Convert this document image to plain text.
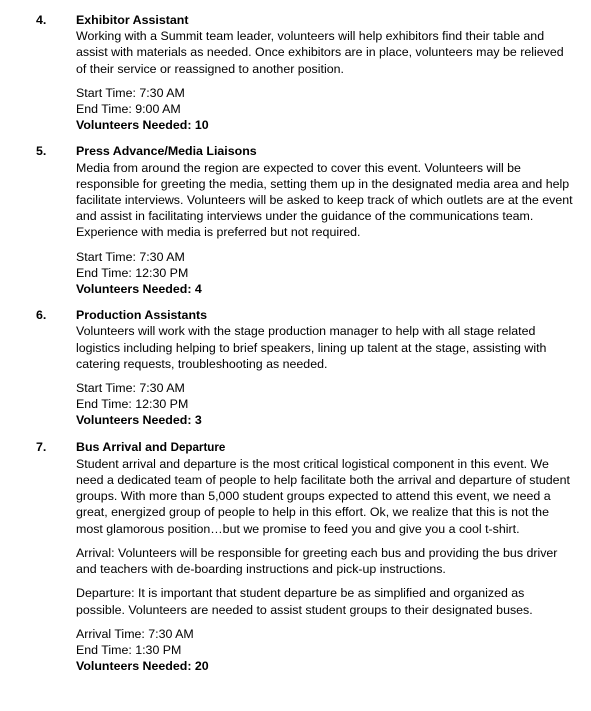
4. Exhibitor Assistant

Working with a Summit team leader, volunteers will help exhibitors find their table and assist with materials as needed. Once exhibitors are in place, volunteers may be relieved of their service or reassigned to another position.

Start Time: 7:30 AM
End Time: 9:00 AM
Volunteers Needed: 10
5. Press Advance/Media Liaisons

Media from around the region are expected to cover this event. Volunteers will be responsible for greeting the media, setting them up in the designated media area and help facilitate interviews. Volunteers will be asked to keep track of which outlets are at the event and assist in facilitating interviews under the guidance of the communications team. Experience with media is preferred but not required.

Start Time: 7:30 AM
End Time: 12:30 PM
Volunteers Needed: 4
6. Production Assistants

Volunteers will work with the stage production manager to help with all stage related logistics including helping to brief speakers, lining up talent at the stage, assisting with catering requests, troubleshooting as needed.

Start Time: 7:30 AM
End Time: 12:30 PM
Volunteers Needed: 3
7. Bus Arrival and Departure

Student arrival and departure is the most critical logistical component in this event. We need a dedicated team of people to help facilitate both the arrival and departure of student groups. With more than 5,000 student groups expected to attend this event, we need a great, energized group of people to help in this effort. Ok, we realize that this is not the most glamorous position…but we promise to feed you and give you a cool t-shirt.

Arrival: Volunteers will be responsible for greeting each bus and providing the bus driver and teachers with de-boarding instructions and pick-up instructions.

Departure: It is important that student departure be as simplified and organized as possible. Volunteers are needed to assist student groups to their designated buses.

Arrival Time: 7:30 AM
End Time: 1:30 PM
Volunteers Needed: 20
